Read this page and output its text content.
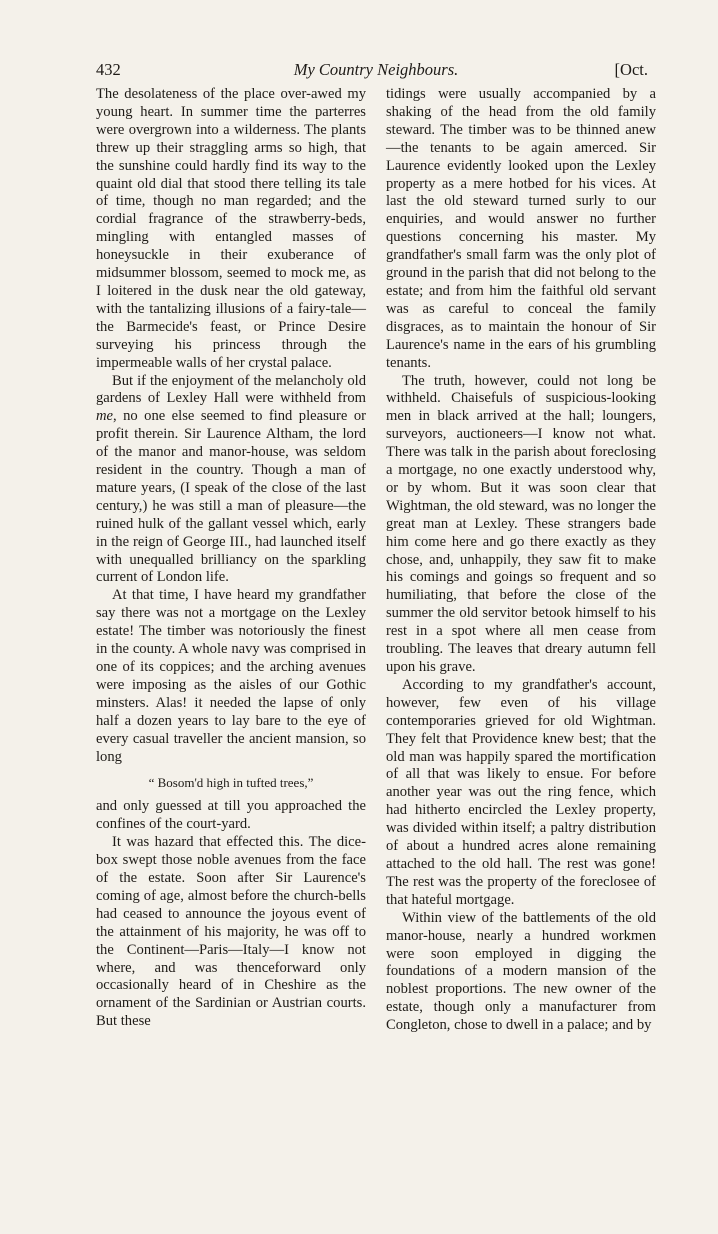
432	My Country Neighbours.	[Oct.

The desolateness of the place over-awed my young heart. In summer time the parterres were overgrown into a wilderness. The plants threw up their straggling arms so high, that the sunshine could hardly find its way to the quaint old dial that stood there telling its tale of time, though no man regarded; and the cordial fragrance of the strawberry-beds, mingling with entangled masses of honeysuckle in their exuberance of midsummer blossom, seemed to mock me, as I loitered in the dusk near the old gateway, with the tantalizing illusions of a fairy-tale—the Barmecide's feast, or Prince Desire surveying his princess through the impermeable walls of her crystal palace.

But if the enjoyment of the melancholy old gardens of Lexley Hall were withheld from me, no one else seemed to find pleasure or profit therein. Sir Laurence Altham, the lord of the manor and manor-house, was seldom resident in the country. Though a man of mature years, (I speak of the close of the last century,) he was still a man of pleasure—the ruined hulk of the gallant vessel which, early in the reign of George III., had launched itself with unequalled brilliancy on the sparkling current of London life.

At that time, I have heard my grandfather say there was not a mortgage on the Lexley estate! The timber was notoriously the finest in the county. A whole navy was comprised in one of its coppices; and the arching avenues were imposing as the aisles of our Gothic minsters. Alas! it needed the lapse of only half a dozen years to lay bare to the eye of every casual traveller the ancient mansion, so long

“ Bosom'd high in tufted trees,”

and only guessed at till you approached the confines of the court-yard.

It was hazard that effected this. The dice-box swept those noble avenues from the face of the estate. Soon after Sir Laurence's coming of age, almost before the church-bells had ceased to announce the joyous event of the attainment of his majority, he was off to the Continent—Paris—Italy—I know not where, and was thenceforward only occasionally heard of in Cheshire as the ornament of the Sardinian or Austrian courts. But these

tidings were usually accompanied by a shaking of the head from the old family steward. The timber was to be thinned anew—the tenants to be again amerced. Sir Laurence evidently looked upon the Lexley property as a mere hotbed for his vices. At last the old steward turned surly to our enquiries, and would answer no further questions concerning his master. My grandfather's small farm was the only plot of ground in the parish that did not belong to the estate; and from him the faithful old servant was as careful to conceal the family disgraces, as to maintain the honour of Sir Laurence's name in the ears of his grumbling tenants.

The truth, however, could not long be withheld. Chaisefuls of suspicious-looking men in black arrived at the hall; loungers, surveyors, auctioneers—I know not what. There was talk in the parish about foreclosing a mortgage, no one exactly understood why, or by whom. But it was soon clear that Wightman, the old steward, was no longer the great man at Lexley. These strangers bade him come here and go there exactly as they chose, and, unhappily, they saw fit to make his comings and goings so frequent and so humiliating, that before the close of the summer the old servitor betook himself to his rest in a spot where all men cease from troubling. The leaves that dreary autumn fell upon his grave.

According to my grandfather's account, however, few even of his village contemporaries grieved for old Wightman. They felt that Providence knew best; that the old man was happily spared the mortification of all that was likely to ensue. For before another year was out the ring fence, which had hitherto encircled the Lexley property, was divided within itself; a paltry distribution of about a hundred acres alone remaining attached to the old hall. The rest was gone! The rest was the property of the foreclosee of that hateful mortgage.

Within view of the battlements of the old manor-house, nearly a hundred workmen were soon employed in digging the foundations of a modern mansion of the noblest proportions. The new owner of the estate, though only a manufacturer from Congleton, chose to dwell in a palace; and by
